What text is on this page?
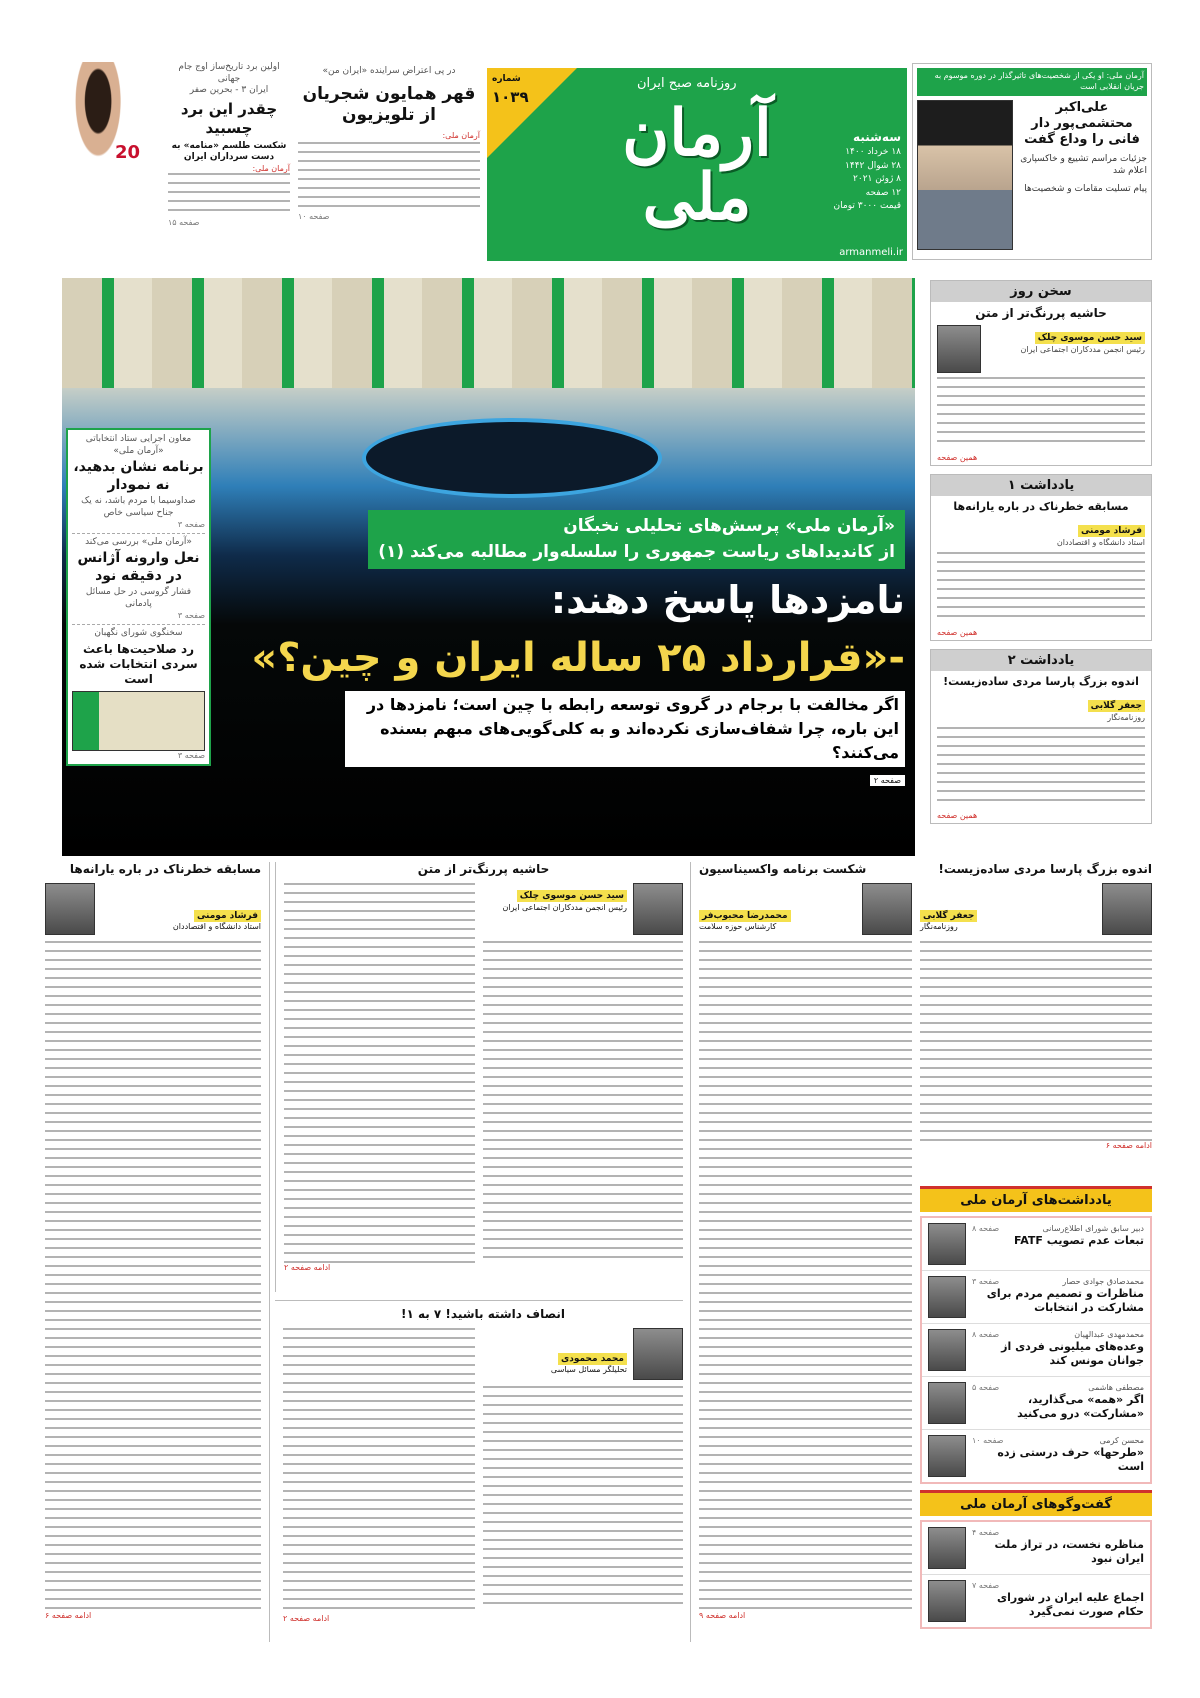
آرمان ملی: او یکی از شخصیت‌های تاثیرگذار در دوره موسوم به جریان انقلابی است
علی‌اکبر محتشمی‌پور دار فانی را وداع گفت
جزئیات مراسم تشییع و خاکسپاری اعلام شد
پیام تسلیت مقامات و شخصیت‌ها
شماره
۱۰۳۹
روزنامه صبح ایران
آرمان ملی
سه‌شنبه
۱۸ خرداد ۱۴۰۰
۲۸ شوال ۱۴۴۲
۸ ژوئن ۲۰۲۱
۱۲ صفحه
قیمت ۳۰۰۰ تومان
armanmeli.ir
در پی اعتراض سراینده «ایران من»
قهر همایون شجریان از تلویزیون
آرمان ملی:
صفحه ۱۰
20
اولین برد تاریخ‌ساز اوج جام جهانی
ایران ۳ - بحرین صفر
چقدر این برد چسبید
شکست طلسم «منامه» به دست سرداران ایران
آرمان ملی:
صفحه ۱۵
«آرمان ملی» پرسش‌های تحلیلی نخبگان
از کاندیداهای ریاست جمهوری را سلسله‌وار مطالبه می‌کند (۱)
نامزدها پاسخ دهند:
-«قرارداد ۲۵ ساله ایران و چین؟»
اگر مخالفت با برجام در گروی توسعه رابطه با چین است؛ نامزدها در این باره، چرا شفاف‌سازی نکرده‌اند و به کلی‌گویی‌های مبهم بسنده می‌کنند؟
صفحه ۲
معاون اجرایی ستاد انتخاباتی «آرمان ملی»
برنامه نشان بدهید، نه نمودار
صداوسیما با مردم باشد، نه یک جناح سیاسی خاص
صفحه ۳
«آرمان ملی» بررسی می‌کند
نعل وارونه آژانس در دقیقه نود
فشار گروسی در حل مسائل پادمانی
صفحه ۳
سخنگوی شورای نگهبان
رد صلاحیت‌ها باعث سردی انتخابات شده است
صفحه ۳
سخن روز
حاشیه پررنگ‌تر از متن
سید حسن موسوی چلک
رئیس انجمن مددکاران اجتماعی ایران
همین صفحه
یادداشت ۱
مسابقه خطرناک در باره یارانه‌ها
فرشاد مومنی
استاد دانشگاه و اقتصاددان
همین صفحه
یادداشت ۲
اندوه بزرگ پارسا مردی ساده‌زیست!
جعفر گلابی
روزنامه‌نگار
همین صفحه
اندوه بزرگ پارسا مردی ساده‌زیست!
جعفر گلابی
روزنامه‌نگار
ادامه صفحه ۶
شکست برنامه واکسیناسیون
محمدرضا محبوب‌فر
کارشناس حوزه سلامت
ادامه صفحه ۹
حاشیه پررنگ‌تر از متن
سید حسن موسوی چلک
رئیس انجمن مددکاران اجتماعی ایران
ادامه صفحه ۲
انصاف داشته باشید! ۷ به ۱!
محمد محمودی
تحلیلگر مسائل سیاسی
ادامه صفحه ۲
مسابقه خطرناک در باره یارانه‌ها
فرشاد مومنی
استاد دانشگاه و اقتصاددان
ادامه صفحه ۶
یادداشت‌های آرمان ملی
صفحه ۸	دبیر سابق شورای اطلاع‌رسانی
تبعات عدم تصویب FATF
صفحه ۳	محمدصادق جوادی حصار
مناظرات و تصمیم مردم برای مشارکت در انتخابات
صفحه ۸	محمدمهدی عبدالهیان
وعده‌های میلیونی فردی از جوانان مونس کند
صفحه ۵	مصطفی هاشمی
اگر «همه» می‌گذارید، «مشارکت» درو می‌کنید
صفحه ۱۰	محسن کرمی
«طرحها» حرف درستی زده است
گفت‌وگوهای آرمان ملی
صفحه ۴
مناظره نخست، در تراز ملت ایران نبود
صفحه ۷
اجماع علیه ایران در شورای حکام صورت نمی‌گیرد
